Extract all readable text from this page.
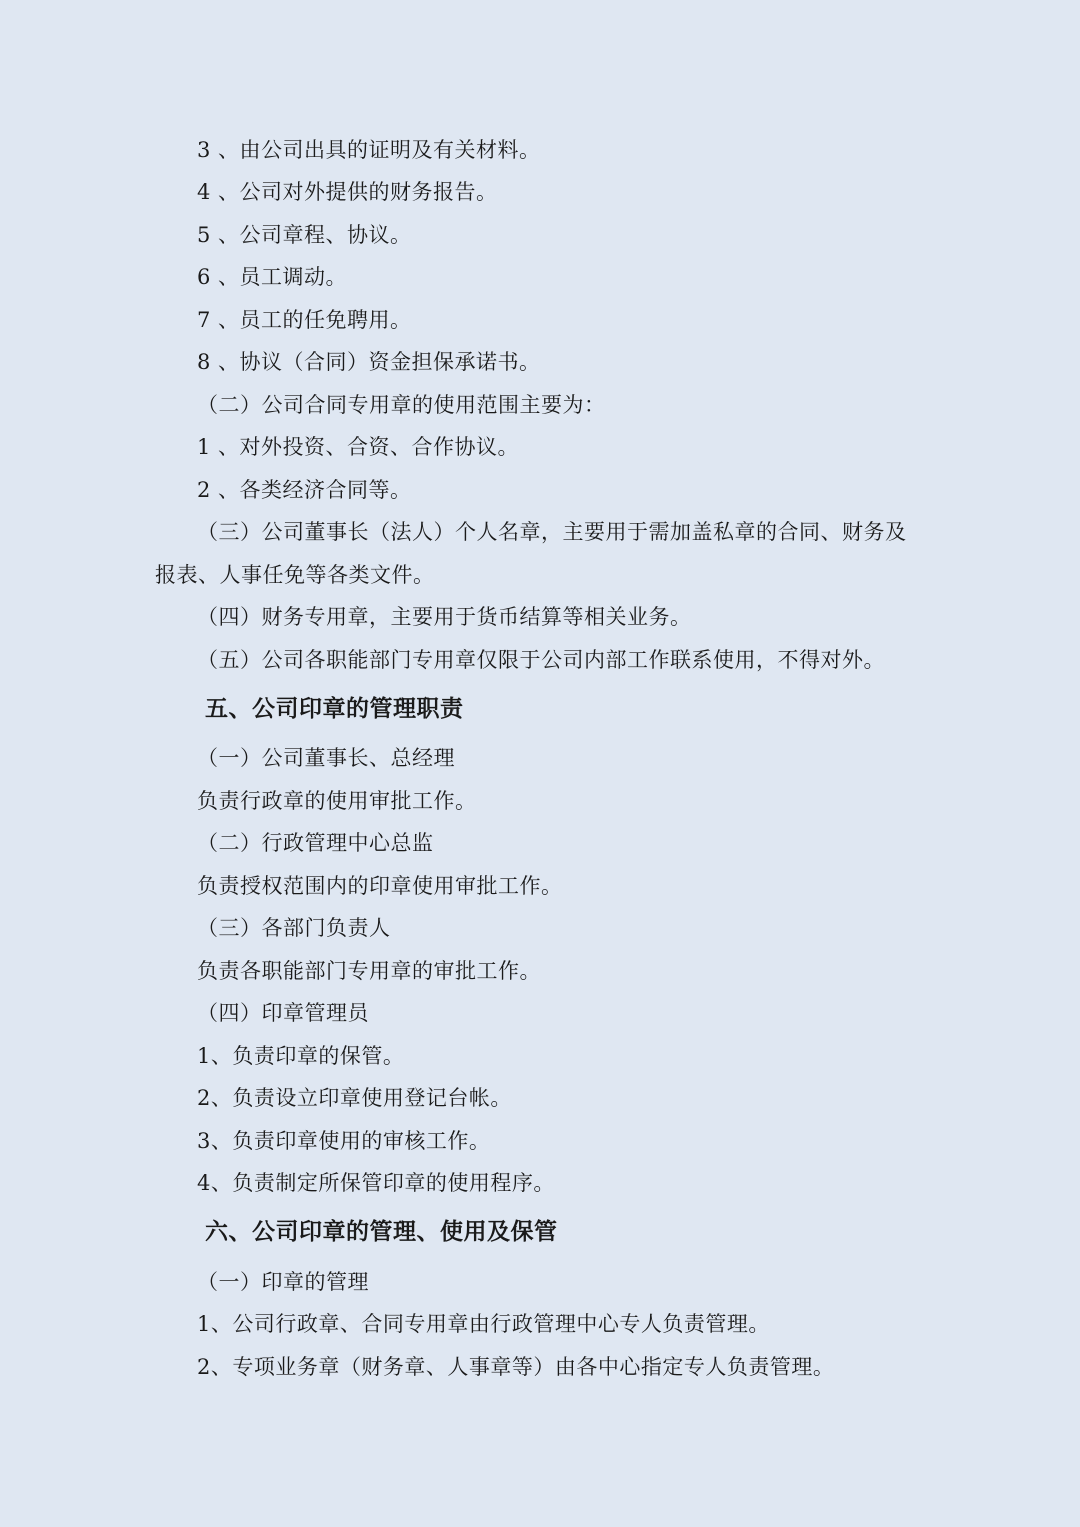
3 、由公司出具的证明及有关材料。
4 、公司对外提供的财务报告。
5 、公司章程、协议。
6 、员工调动。
7 、员工的任免聘用。
8 、协议（合同）资金担保承诺书。
（二）公司合同专用章的使用范围主要为：
1 、对外投资、合资、合作协议。
2 、各类经济合同等。
（三）公司董事长（法人）个人名章，主要用于需加盖私章的合同、财务及
报表、人事任免等各类文件。
（四）财务专用章，主要用于货币结算等相关业务。
（五）公司各职能部门专用章仅限于公司内部工作联系使用，不得对外。
五、公司印章的管理职责
（一）公司董事长、总经理
负责行政章的使用审批工作。
（二）行政管理中心总监
负责授权范围内的印章使用审批工作。
（三）各部门负责人
负责各职能部门专用章的审批工作。
（四）印章管理员
1、负责印章的保管。
2、负责设立印章使用登记台帐。
3、负责印章使用的审核工作。
4、负责制定所保管印章的使用程序。
六、公司印章的管理、使用及保管
（一）印章的管理
1、公司行政章、合同专用章由行政管理中心专人负责管理。
2、专项业务章（财务章、人事章等）由各中心指定专人负责管理。
